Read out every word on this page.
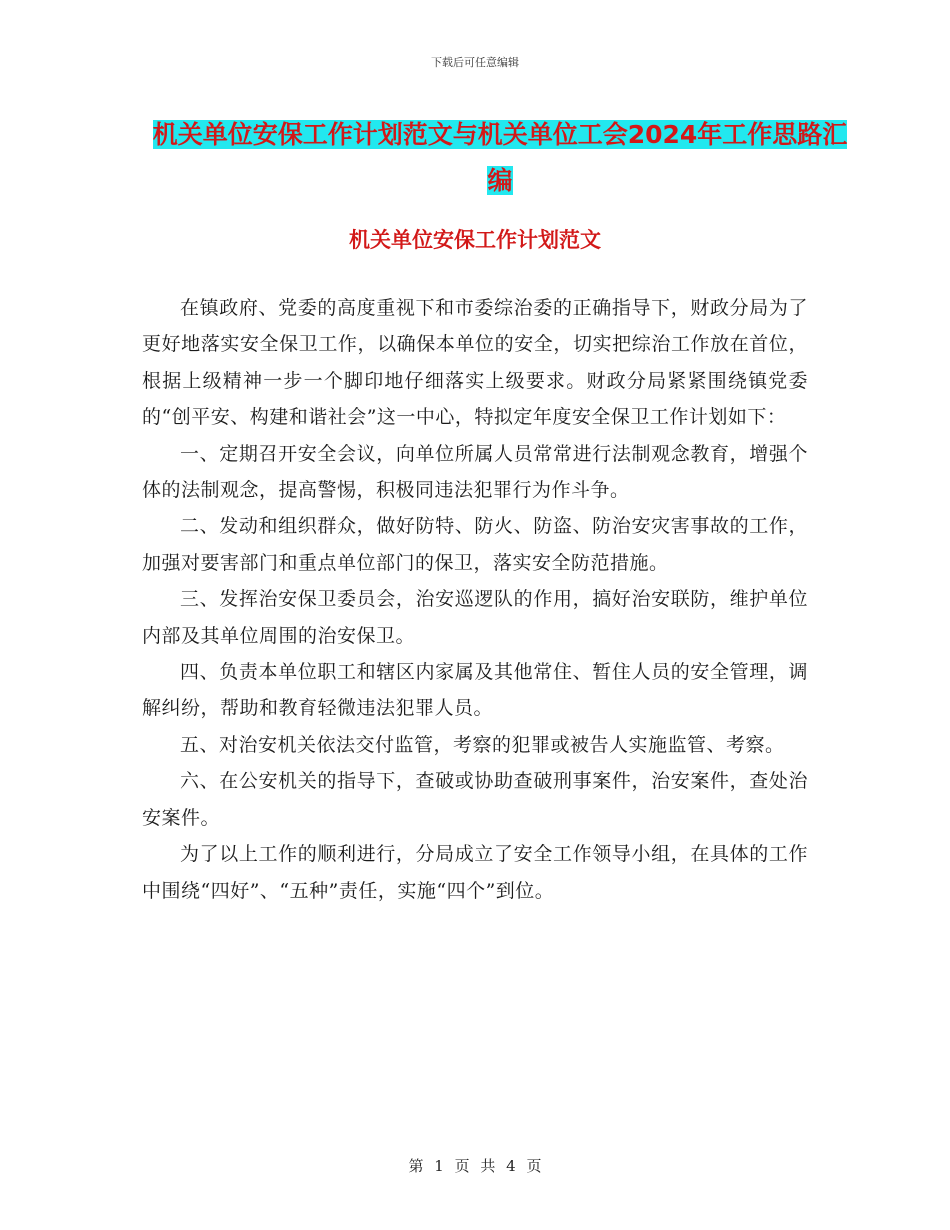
下载后可任意编辑
机关单位安保工作计划范文与机关单位工会2024年工作思路汇编
机关单位安保工作计划范文

在镇政府、党委的高度重视下和市委综治委的正确指导下，财政分局为了更好地落实安全保卫工作，以确保本单位的安全，切实把综治工作放在首位，根据上级精神一步一个脚印地仔细落实上级要求。财政分局紧紧围绕镇党委的“创平安、构建和谐社会”这一中心，特拟定年度安全保卫工作计划如下：

一、定期召开安全会议，向单位所属人员常常进行法制观念教育，增强个体的法制观念，提高警惕，积极同违法犯罪行为作斗争。

二、发动和组织群众，做好防特、防火、防盗、防治安灾害事故的工作，加强对要害部门和重点单位部门的保卫，落实安全防范措施。

三、发挥治安保卫委员会，治安巡逻队的作用，搞好治安联防，维护单位内部及其单位周围的治安保卫。

四、负责本单位职工和辖区内家属及其他常住、暂住人员的安全管理，调解纠纷，帮助和教育轻微违法犯罪人员。

五、对治安机关依法交付监管，考察的犯罪或被告人实施监管、考察。

六、在公安机关的指导下，查破或协助查破刑事案件，治安案件，查处治安案件。

为了以上工作的顺利进行，分局成立了安全工作领导小组，在具体的工作中围绕“四好”、“五种”责任，实施“四个”到位。

第 1 页 共 4 页
